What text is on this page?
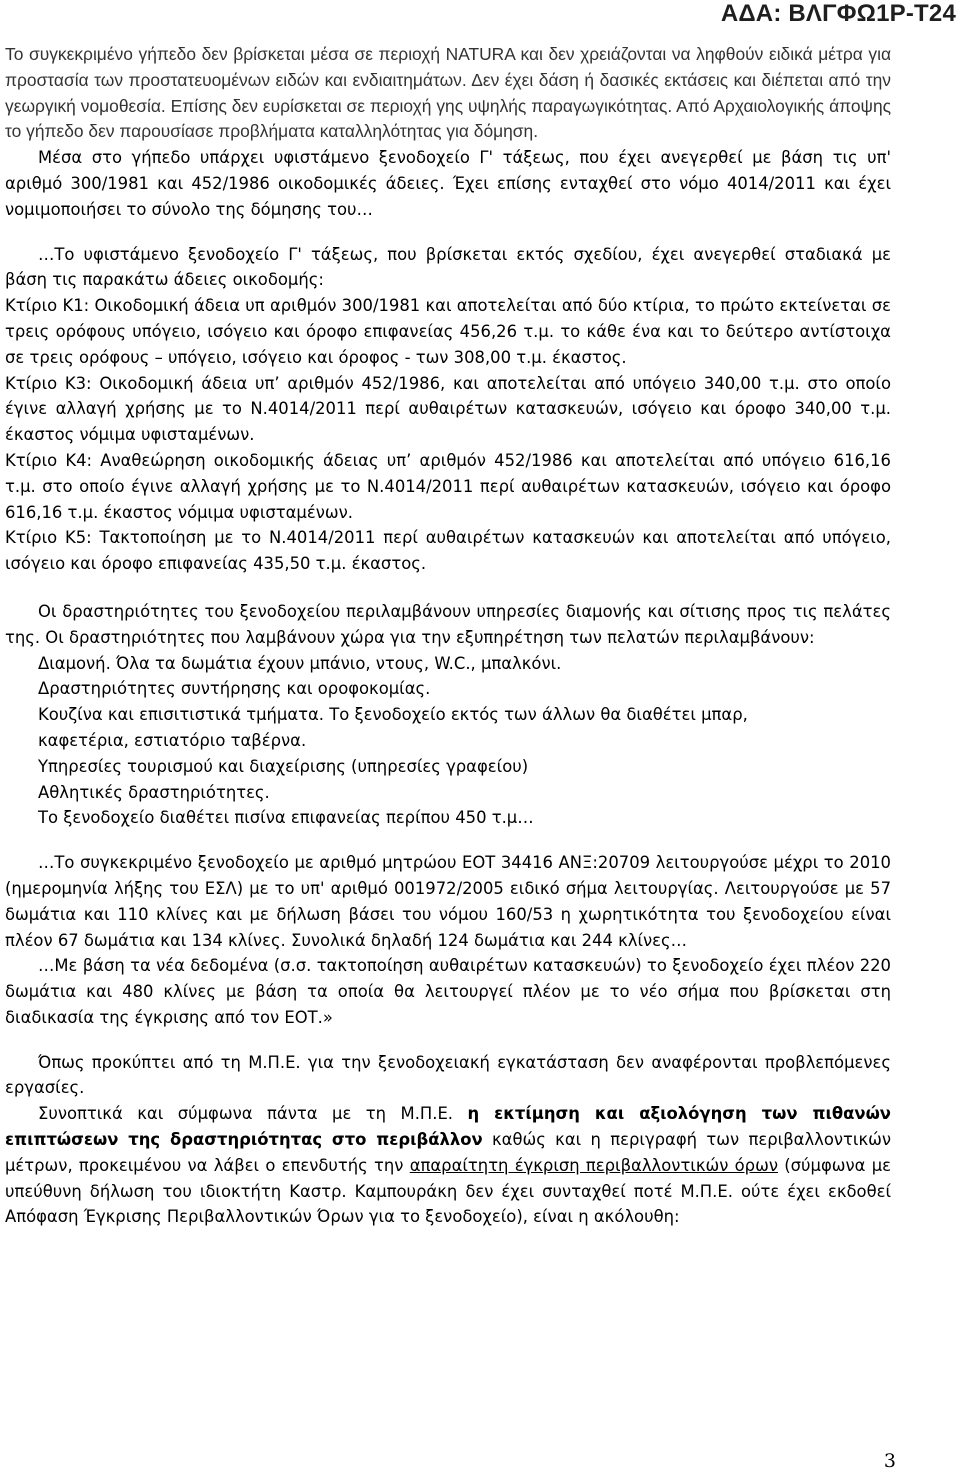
ΑΔΑ: ΒΛΓΦΩ1Ρ-Τ24

Το συγκεκριμένο γήπεδο δεν βρίσκεται μέσα σε περιοχή NATURA και δεν χρειάζονται να ληφθούν ειδικά μέτρα για προστασία των προστατευομένων ειδών και ενδιαιτημάτων. Δεν έχει δάση ή δασικές εκτάσεις και διέπεται από την γεωργική νομοθεσία. Επίσης δεν ευρίσκεται σε περιοχή γης υψηλής παραγωγικότητας. Από Αρχαιολογικής άποψης το γήπεδο δεν παρουσίασε προβλήματα καταλληλότητας για δόμηση.

Μέσα στο γήπεδο υπάρχει υφιστάμενο ξενοδοχείο Γ' τάξεως, που έχει ανεγερθεί με βάση τις υπ' αριθμό 300/1981 και 452/1986 οικοδομικές άδειες. Έχει επίσης ενταχθεί στο νόμο 4014/2011 και έχει νομιμοποιήσει το σύνολο της δόμησης του…

…Το υφιστάμενο ξενοδοχείο Γ' τάξεως, που βρίσκεται εκτός σχεδίου, έχει ανεγερθεί σταδιακά με βάση τις παρακάτω άδειες οικοδομής:

Κτίριο Κ1: Οικοδομική άδεια υπ αριθμόν 300/1981 και αποτελείται από δύο κτίρια, το πρώτο εκτείνεται σε τρεις ορόφους υπόγειο, ισόγειο και όροφο επιφανείας 456,26 τ.μ. το κάθε ένα και το δεύτερο αντίστοιχα σε τρεις ορόφους – υπόγειο, ισόγειο και όροφος - των 308,00 τ.μ. έκαστος.

Κτίριο Κ3: Οικοδομική άδεια υπ’ αριθμόν 452/1986, και αποτελείται από υπόγειο 340,00 τ.μ. στο οποίο έγινε αλλαγή χρήσης με το Ν.4014/2011 περί αυθαιρέτων κατασκευών, ισόγειο και όροφο 340,00 τ.μ. έκαστος νόμιμα υφισταμένων.

Κτίριο Κ4: Αναθεώρηση οικοδομικής άδειας υπ’ αριθμόν 452/1986 και αποτελείται από υπόγειο 616,16 τ.μ. στο οποίο έγινε αλλαγή χρήσης με το Ν.4014/2011 περί αυθαιρέτων κατασκευών, ισόγειο και όροφο 616,16 τ.μ. έκαστος νόμιμα υφισταμένων.

Κτίριο Κ5: Τακτοποίηση με το Ν.4014/2011 περί αυθαιρέτων κατασκευών και αποτελείται από υπόγειο, ισόγειο και όροφο επιφανείας 435,50 τ.μ. έκαστος.

Οι δραστηριότητες του ξενοδοχείου περιλαμβάνουν υπηρεσίες διαμονής και σίτισης προς τις πελάτες της. Οι δραστηριότητες που λαμβάνουν χώρα για την εξυπηρέτηση των πελατών περιλαμβάνουν:

Διαμονή. Όλα τα δωμάτια έχουν μπάνιο, ντους, W.C., μπαλκόνι.

Δραστηριότητες συντήρησης και οροφοκομίας.

Κουζίνα και επισιτιστικά τμήματα. Το ξενοδοχείο εκτός των άλλων θα διαθέτει μπαρ,

καφετέρια, εστιατόριο ταβέρνα.

Υπηρεσίες τουρισμού και διαχείρισης (υπηρεσίες γραφείου)

Αθλητικές δραστηριότητες.

Το ξενοδοχείο διαθέτει πισίνα επιφανείας περίπου 450 τ.μ…

…Το συγκεκριμένο ξενοδοχείο με αριθμό μητρώου ΕΟΤ 34416 ΑΝΞ:20709 λειτουργούσε μέχρι το 2010 (ημερομηνία λήξης του ΕΣΛ) με το υπ' αριθμό 001972/2005 ειδικό σήμα λειτουργίας. Λειτουργούσε με 57 δωμάτια και 110 κλίνες και με δήλωση βάσει του νόμου 160/53 η χωρητικότητα του ξενοδοχείου είναι πλέον 67 δωμάτια και 134 κλίνες. Συνολικά δηλαδή 124 δωμάτια και 244 κλίνες…

…Με βάση τα νέα δεδομένα (σ.σ. τακτοποίηση αυθαιρέτων κατασκευών) το ξενοδοχείο έχει πλέον 220 δωμάτια και 480 κλίνες με βάση τα οποία θα λειτουργεί πλέον με το νέο σήμα που βρίσκεται στη διαδικασία της έγκρισης από τον ΕΟΤ.»

Όπως προκύπτει από τη Μ.Π.Ε. για την ξενοδοχειακή εγκατάσταση δεν αναφέρονται προβλεπόμενες εργασίες.

Συνοπτικά και σύμφωνα πάντα με τη Μ.Π.Ε. η εκτίμηση και αξιολόγηση των πιθανών επιπτώσεων της δραστηριότητας στο περιβάλλον καθώς και η περιγραφή των περιβαλλοντικών μέτρων, προκειμένου να λάβει ο επενδυτής την απαραίτητη έγκριση περιβαλλοντικών όρων (σύμφωνα με υπεύθυνη δήλωση του ιδιοκτήτη Καστρ. Καμπουράκη δεν έχει συνταχθεί ποτέ Μ.Π.Ε. ούτε έχει εκδοθεί Απόφαση Έγκρισης Περιβαλλοντικών Όρων για το ξενοδοχείο), είναι η ακόλουθη:

3
